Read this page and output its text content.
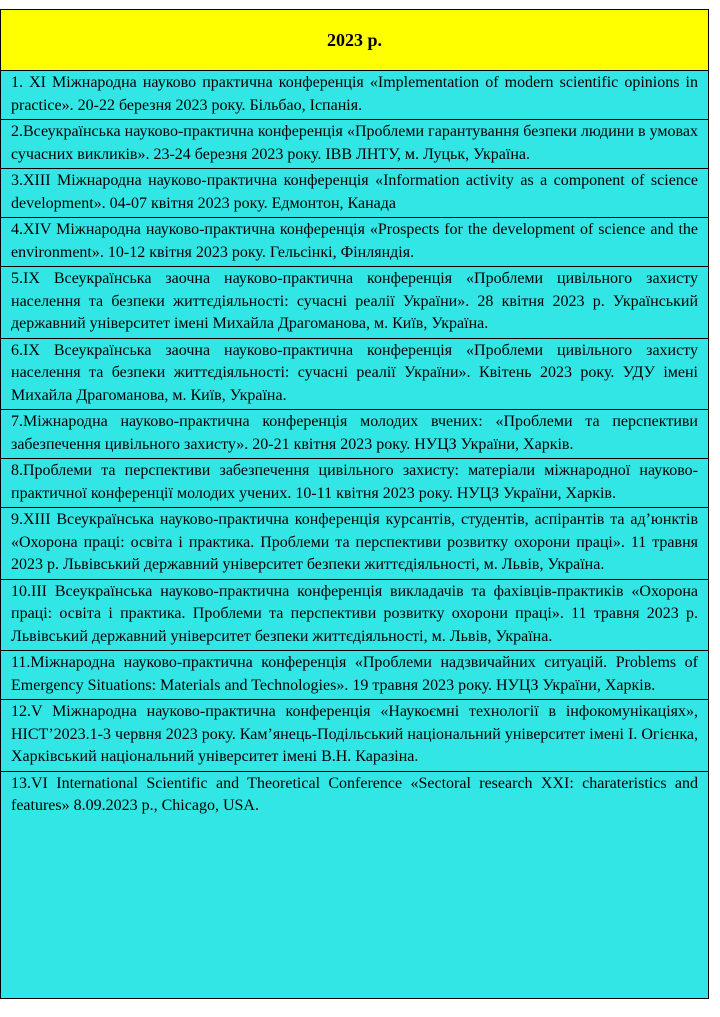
2023 р.
1. XI Міжнародна науково практична конференція «Implementation of modern scientific opinions in practice». 20-22 березня 2023 року. Більбао, Іспанія.
2.Всеукраїнська науково-практична конференція «Проблеми гарантування безпеки людини в умовах сучасних викликів». 23-24 березня 2023 року. ІВВ ЛНТУ, м. Луцьк, Україна.
3.XIII Міжнародна науково-практична конференція «Information activity as a component of science development». 04-07 квітня 2023 року. Едмонтон, Канада
4.XIV Міжнародна науково-практична конференція «Prospects for the development of science and the environment». 10-12 квітня 2023 року. Гельсінкі, Фінляндія.
5.IX Всеукраїнська заочна науково-практична конференція «Проблеми цивільного захисту населення та безпеки життєдіяльності: сучасні реалії України». 28 квітня 2023 р. Український державний університет імені Михайла Драгоманова, м. Київ, Україна.
6.IX Всеукраїнська заочна науково-практична конференція «Проблеми цивільного захисту населення та безпеки життєдіяльності: сучасні реалії України». Квітень 2023 року. УДУ імені Михайла Драгоманова, м. Київ, Україна.
7.Міжнародна науково-практична конференція молодих вчених: «Проблеми та перспективи забезпечення цивільного захисту». 20-21 квітня 2023 року. НУЦЗ України, Харків.
8.Проблеми та перспективи забезпечення цивільного захисту: матеріали міжнародної науково-практичної конференції молодих учених. 10-11 квітня 2023 року. НУЦЗ України, Харків.
9.XIII Всеукраїнська науково-практична конференція курсантів, студентів, аспірантів та ад’юнктів «Охорона праці: освіта і практика. Проблеми та перспективи розвитку охорони праці». 11 травня 2023 р. Львівський державний університет безпеки життєдіяльності, м. Львів, Україна.
10.III Всеукраїнська науково-практична конференція викладачів та фахівців-практиків «Охорона праці: освіта і практика. Проблеми та перспективи розвитку охорони праці». 11 травня 2023 р. Львівський державний університет безпеки життєдіяльності, м. Львів, Україна.
11.Міжнародна науково-практична конференція «Проблеми надзвичайних ситуацій. Problems of Emergency Situations: Materials and Technologies». 19 травня 2023 року. НУЦЗ України, Харків.
12.V Міжнародна науково-практична конференція «Наукоємні технології в інфокомунікаціях», HICT’2023.1-3 червня 2023 року. Кам’янець-Подільський національний університет імені І. Огієнка, Харківський національний університет імені В.Н. Каразіна.
13.VI International Scientific and Theoretical Conference «Sectoral research XXI: charateristics and features» 8.09.2023 р., Chicago, USA.
